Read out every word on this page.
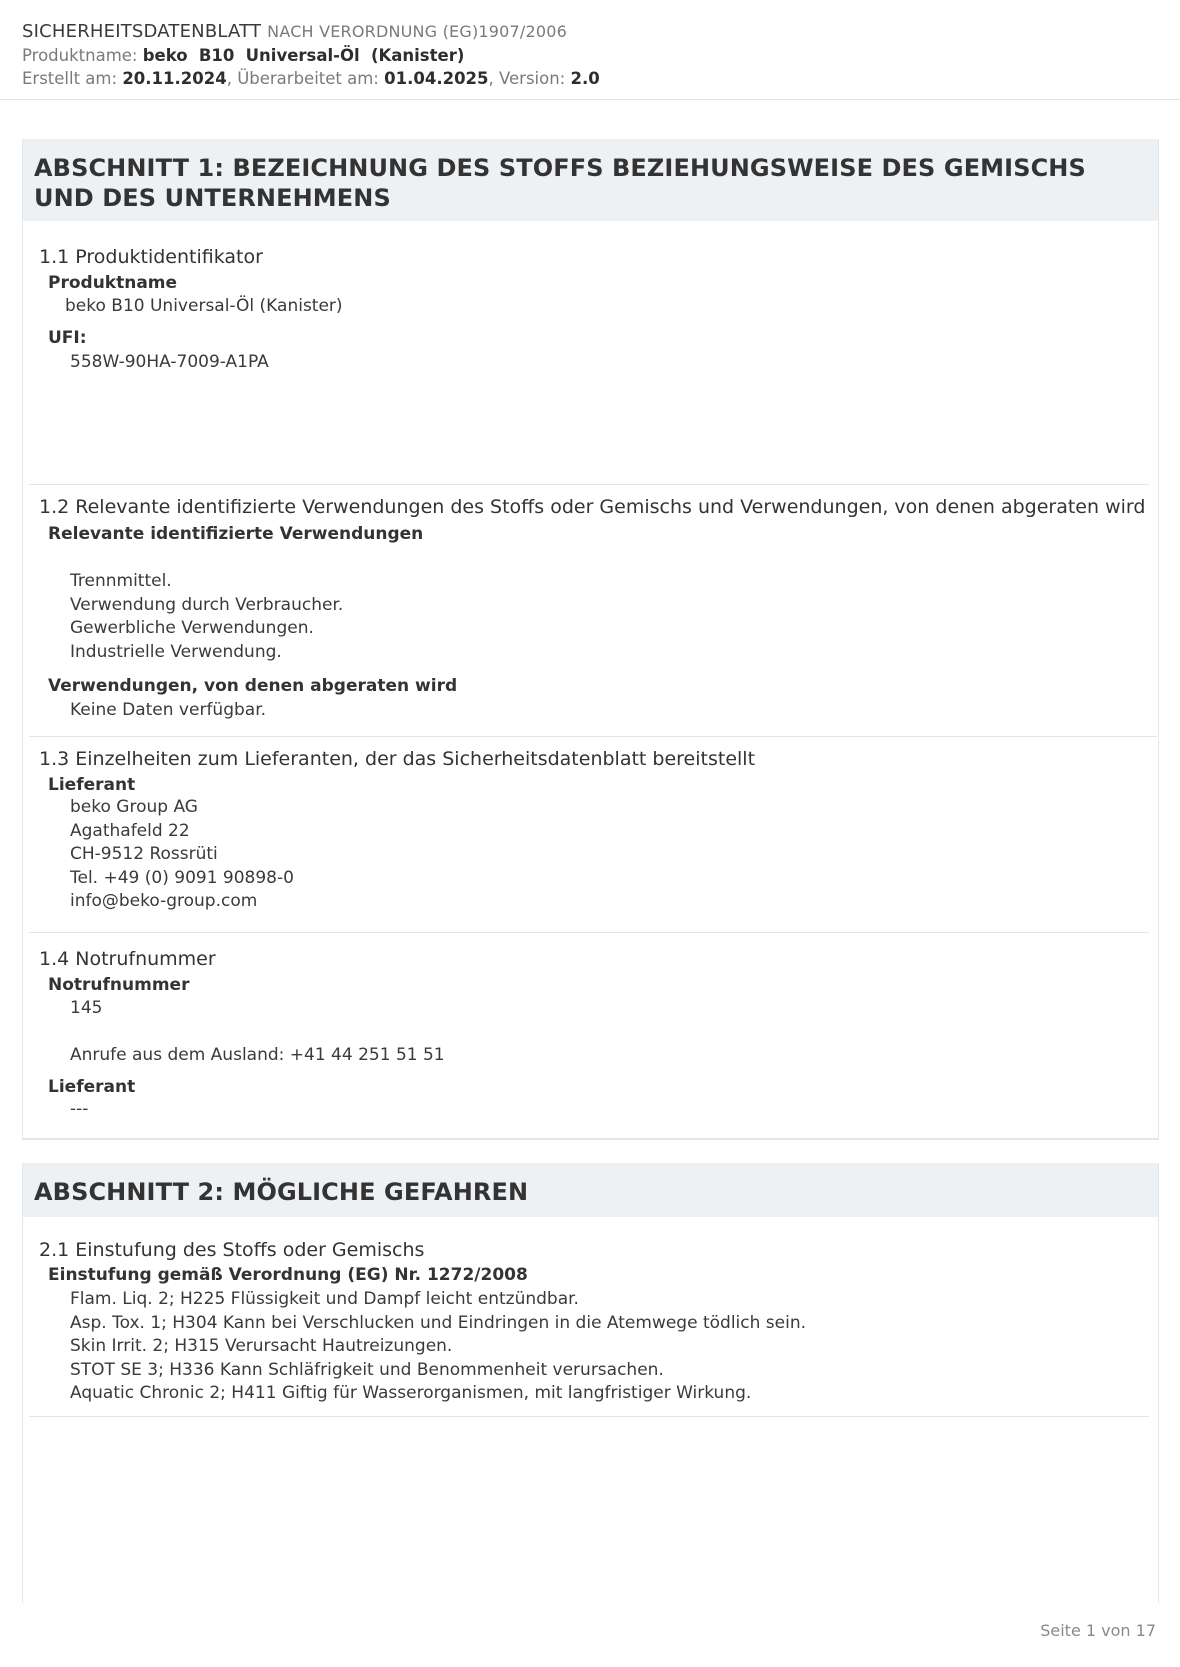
SICHERHEITSDATENBLATT NACH VERORDNUNG (EG)1907/2006
Produktname: beko B10 Universal-Öl (Kanister)
Erstellt am: 20.11.2024, Überarbeitet am: 01.04.2025, Version: 2.0
ABSCHNITT 1: BEZEICHNUNG DES STOFFS BEZIEHUNGSWEISE DES GEMISCHS UND DES UNTERNEHMENS
1.1 Produktidentifikator
Produktname
beko B10 Universal-Öl (Kanister)
UFI:
558W-90HA-7009-A1PA
1.2 Relevante identifizierte Verwendungen des Stoffs oder Gemischs und Verwendungen, von denen abgeraten wird
Relevante identifizierte Verwendungen
Trennmittel.
Verwendung durch Verbraucher.
Gewerbliche Verwendungen.
Industrielle Verwendung.
Verwendungen, von denen abgeraten wird
Keine Daten verfügbar.
1.3 Einzelheiten zum Lieferanten, der das Sicherheitsdatenblatt bereitstellt
Lieferant
beko Group AG
Agathafeld 22
CH-9512 Rossrüti
Tel. +49 (0) 9091 90898-0
info@beko-group.com
1.4 Notrufnummer
Notrufnummer
145
Anrufe aus dem Ausland: +41 44 251 51 51
Lieferant
---
ABSCHNITT 2: MÖGLICHE GEFAHREN
2.1 Einstufung des Stoffs oder Gemischs
Einstufung gemäß Verordnung (EG) Nr. 1272/2008
Flam. Liq. 2; H225 Flüssigkeit und Dampf leicht entzündbar.
Asp. Tox. 1; H304 Kann bei Verschlucken und Eindringen in die Atemwege tödlich sein.
Skin Irrit. 2; H315 Verursacht Hautreizungen.
STOT SE 3; H336 Kann Schläfrigkeit und Benommenheit verursachen.
Aquatic Chronic 2; H411 Giftig für Wasserorganismen, mit langfristiger Wirkung.
Seite 1 von 17
